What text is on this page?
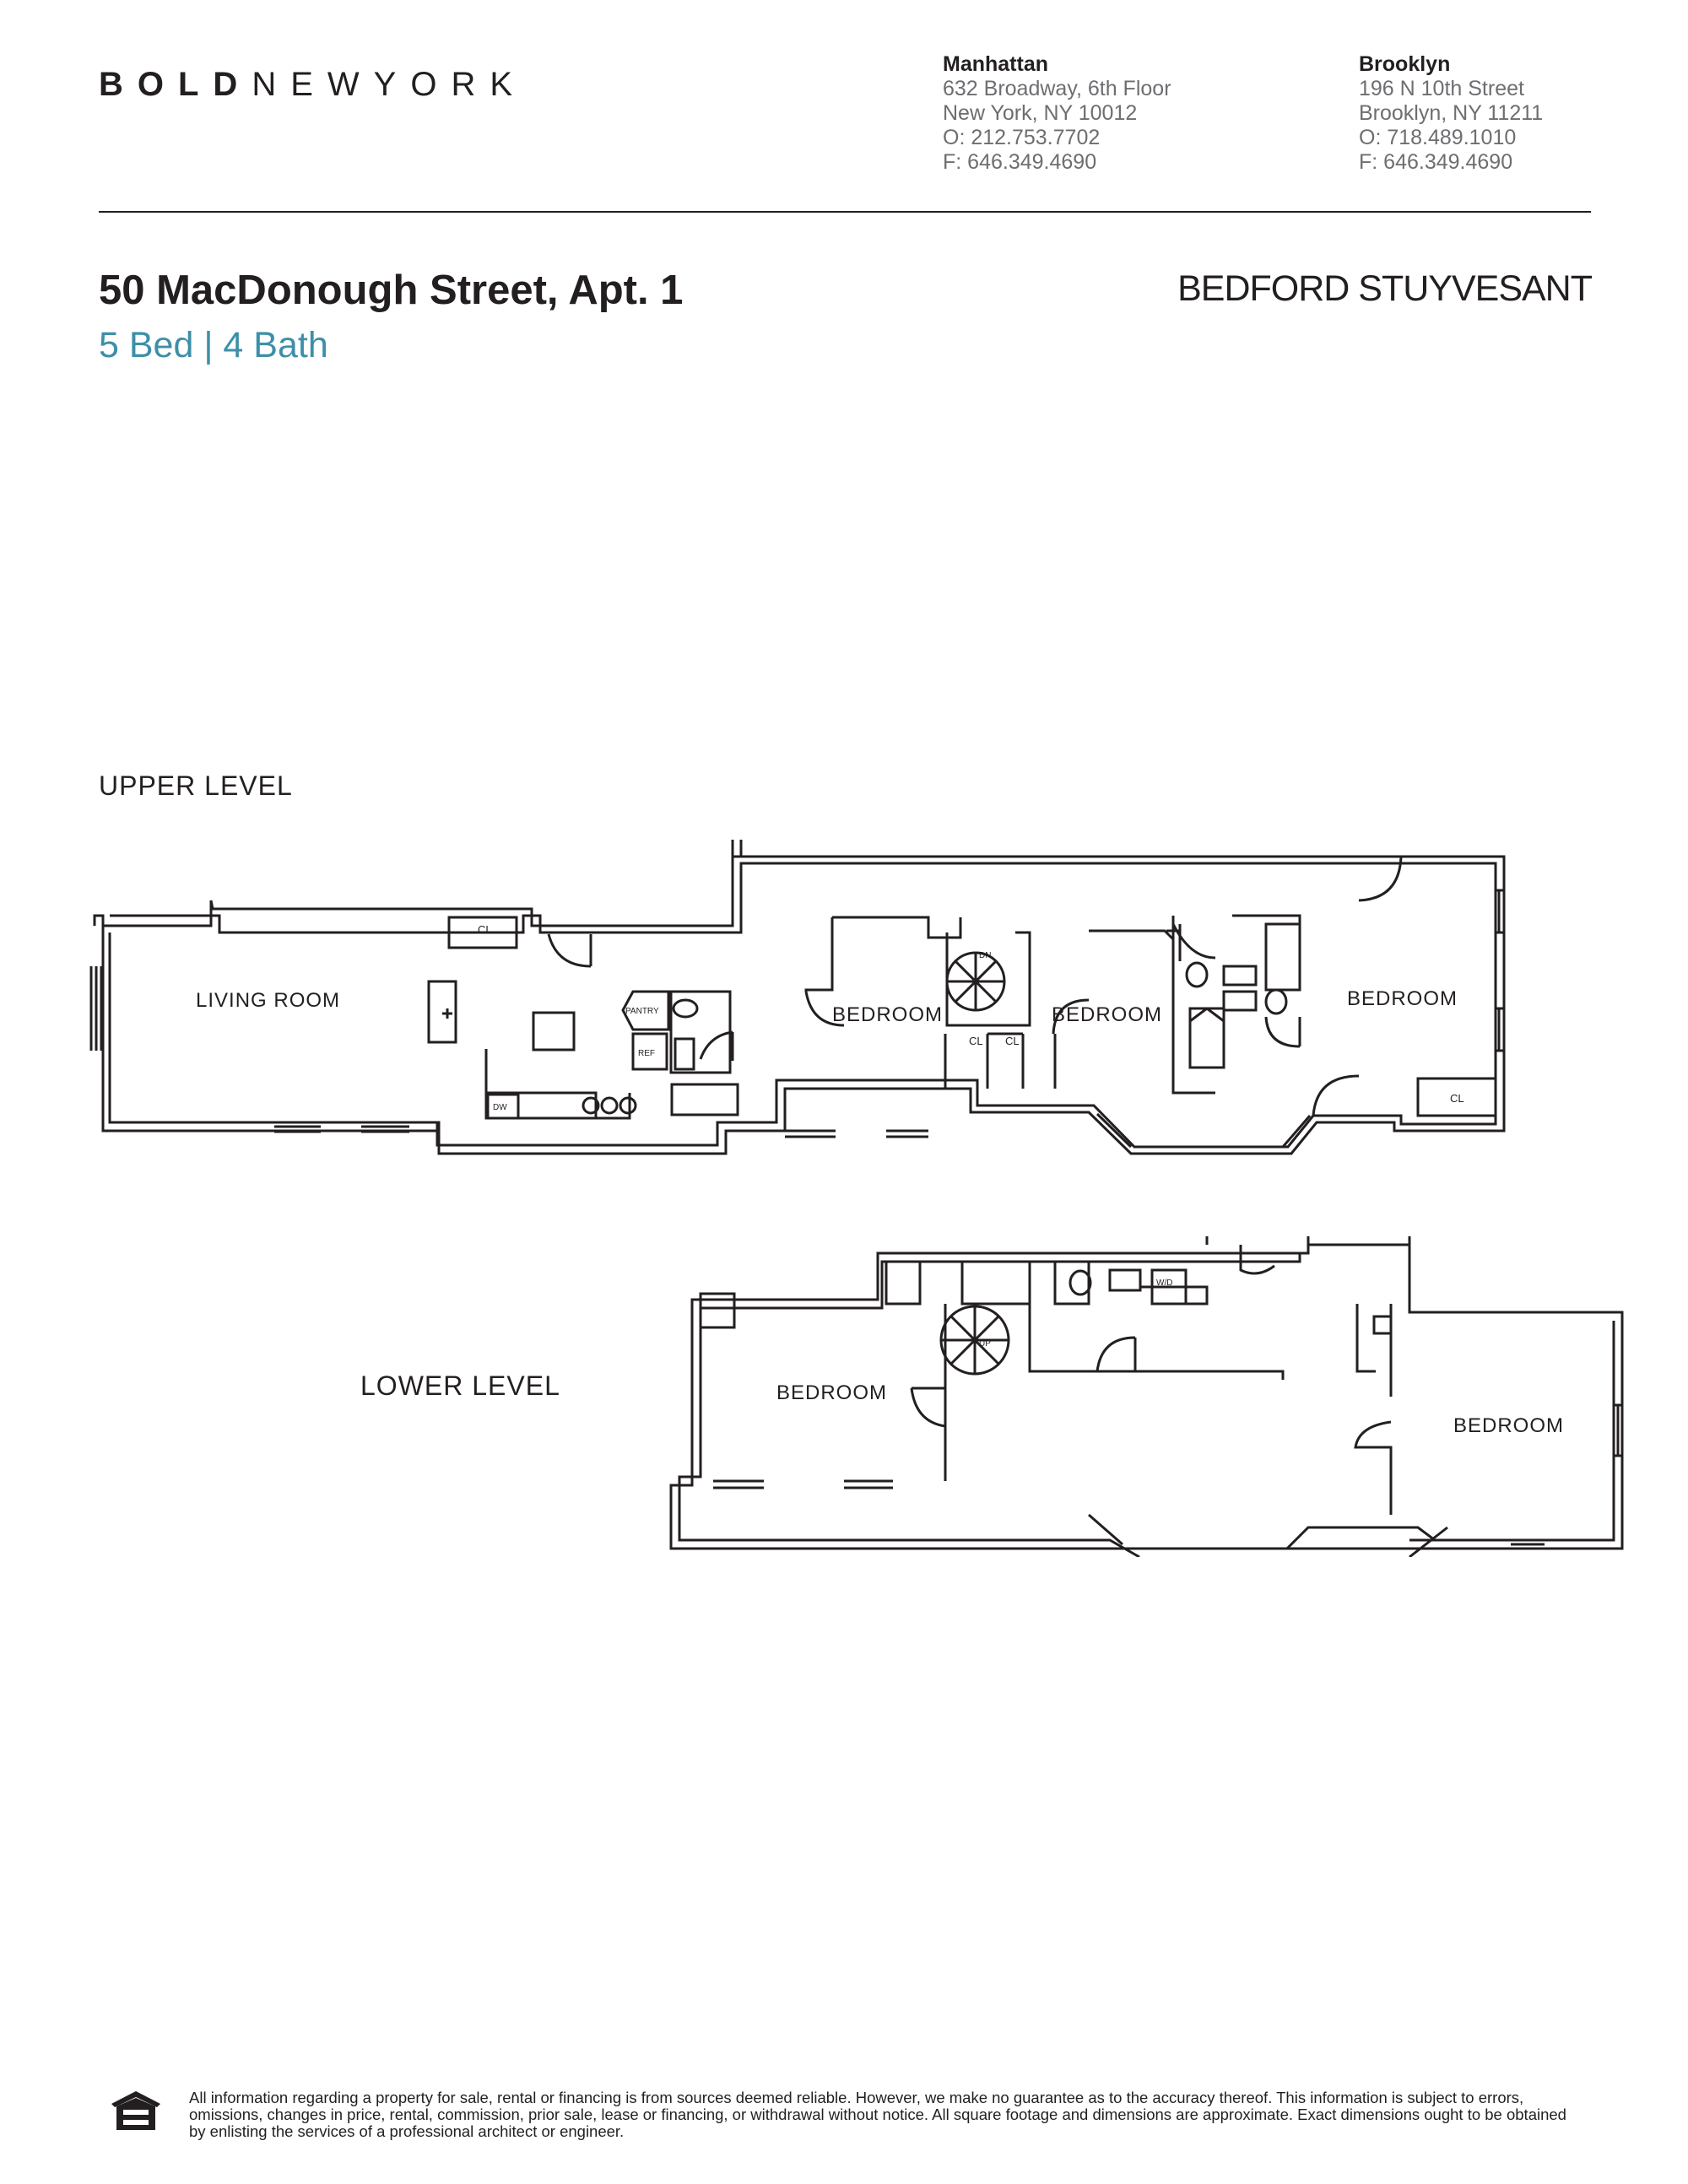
BOLDNEWYORK
Manhattan
632 Broadway, 6th Floor
New York, NY 10012
O: 212.753.7702
F: 646.349.4690
Brooklyn
196 N 10th Street
Brooklyn, NY 11211
O: 718.489.1010
F: 646.349.4690
50 MacDonough Street, Apt. 1
5 Bed | 4 Bath
BEDFORD STUYVESANT
UPPER LEVEL
LIVING ROOM
BEDROOM	BEDROOM
BEDROOM
CL
CL CL
CL
PANTRY
REF
DW
DN
LOWER LEVEL	BEDROOM
BEDROOM
W/D
UP
All information regarding a property for sale, rental or financing is from sources deemed reliable. However, we make no guarantee as to the accuracy thereof. This information is subject to errors, omissions, changes in price, rental, commission, prior sale, lease or financing, or withdrawal without notice. All square footage and dimensions are approximate. Exact dimensions ought to be obtained by enlisting the services of a professional architect or engineer.
